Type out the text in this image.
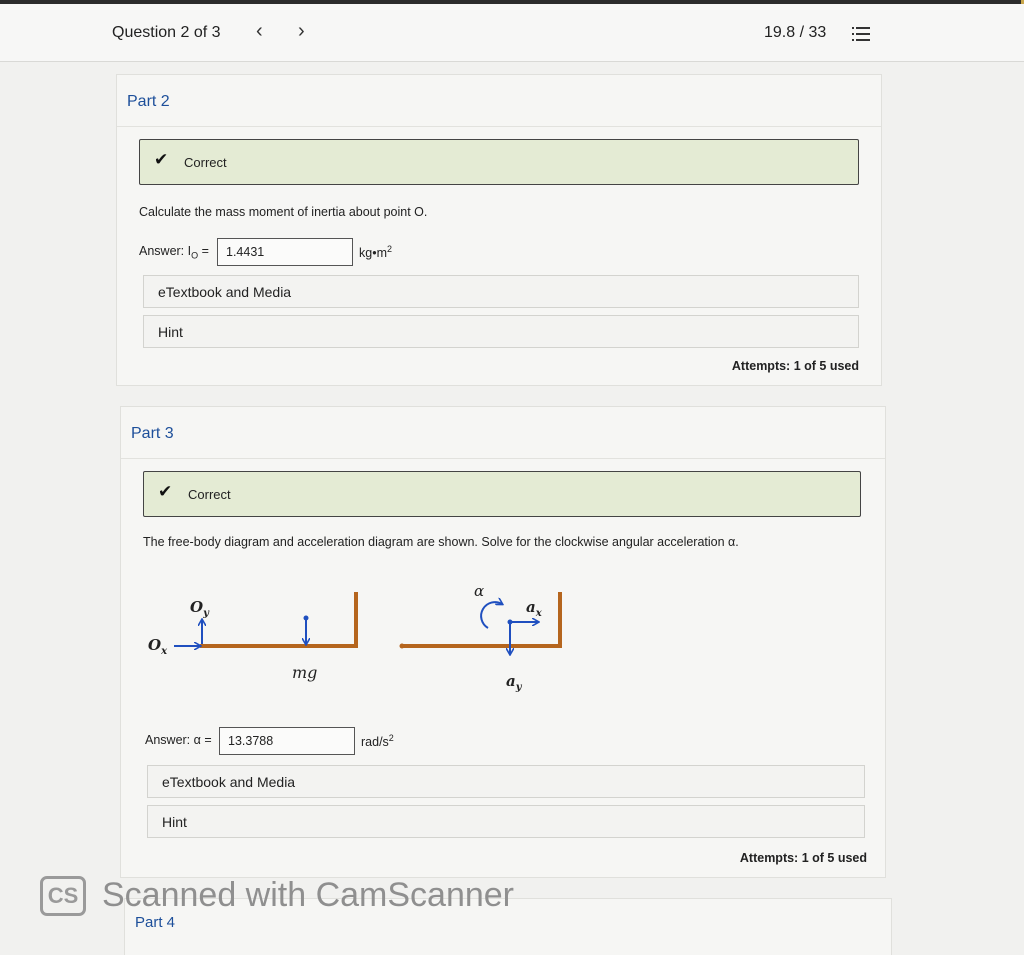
Question 2 of 3 ‹ ›	19.8 / 33
Part 2
✔ Correct
Calculate the mass moment of inertia about point O.
Answer: $I_O$ =
1.4431	$kg•m^2$
eTextbook and Media
Hint
Attempts: 1 of 5 used
Part 3
✔ Correct
The free-body diagram and acceleration diagram are shown. Solve for the clockwise angular acceleration α.
Answer: α =
13.3788	rad/$s^2$
eTextbook and Media
Hint
Attempts: 1 of 5 used
$O_y$
$O_x$
mg
α
$a_x$
$a_y$
Part 4
CS Scanned with CamScanner
